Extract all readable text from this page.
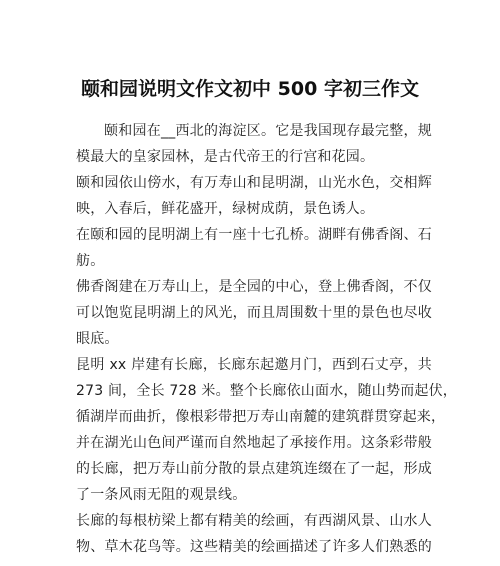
颐和园说明文作文初中 500 字初三作文
颐和园在__西北的海淀区。它是我国现存最完整，规
模最大的皇家园林，是古代帝王的行宫和花园。
颐和园依山傍水，有万寿山和昆明湖，山光水色，交相辉
映，入春后，鲜花盛开，绿树成荫，景色诱人。
在颐和园的昆明湖上有一座十七孔桥。湖畔有佛香阁、石
舫。
佛香阁建在万寿山上，是全园的中心，登上佛香阁，不仅
可以饱览昆明湖上的风光，而且周围数十里的景色也尽收
眼底。
昆明 xx 岸建有长廊，长廊东起邀月门，西到石丈亭，共
273 间，全长 728 米。整个长廊依山面水，随山势而起伏，
循湖岸而曲折，像根彩带把万寿山南麓的建筑群贯穿起来，
并在湖光山色间严谨而自然地起了承接作用。这条彩带般
的长廊，把万寿山前分散的景点建筑连缀在了一起，形成
了一条风雨无阻的观景线。
长廊的每根枋梁上都有精美的绘画，有西湖风景、山水人
物、草木花鸟等。这些精美的绘画描述了许多人们熟悉的
